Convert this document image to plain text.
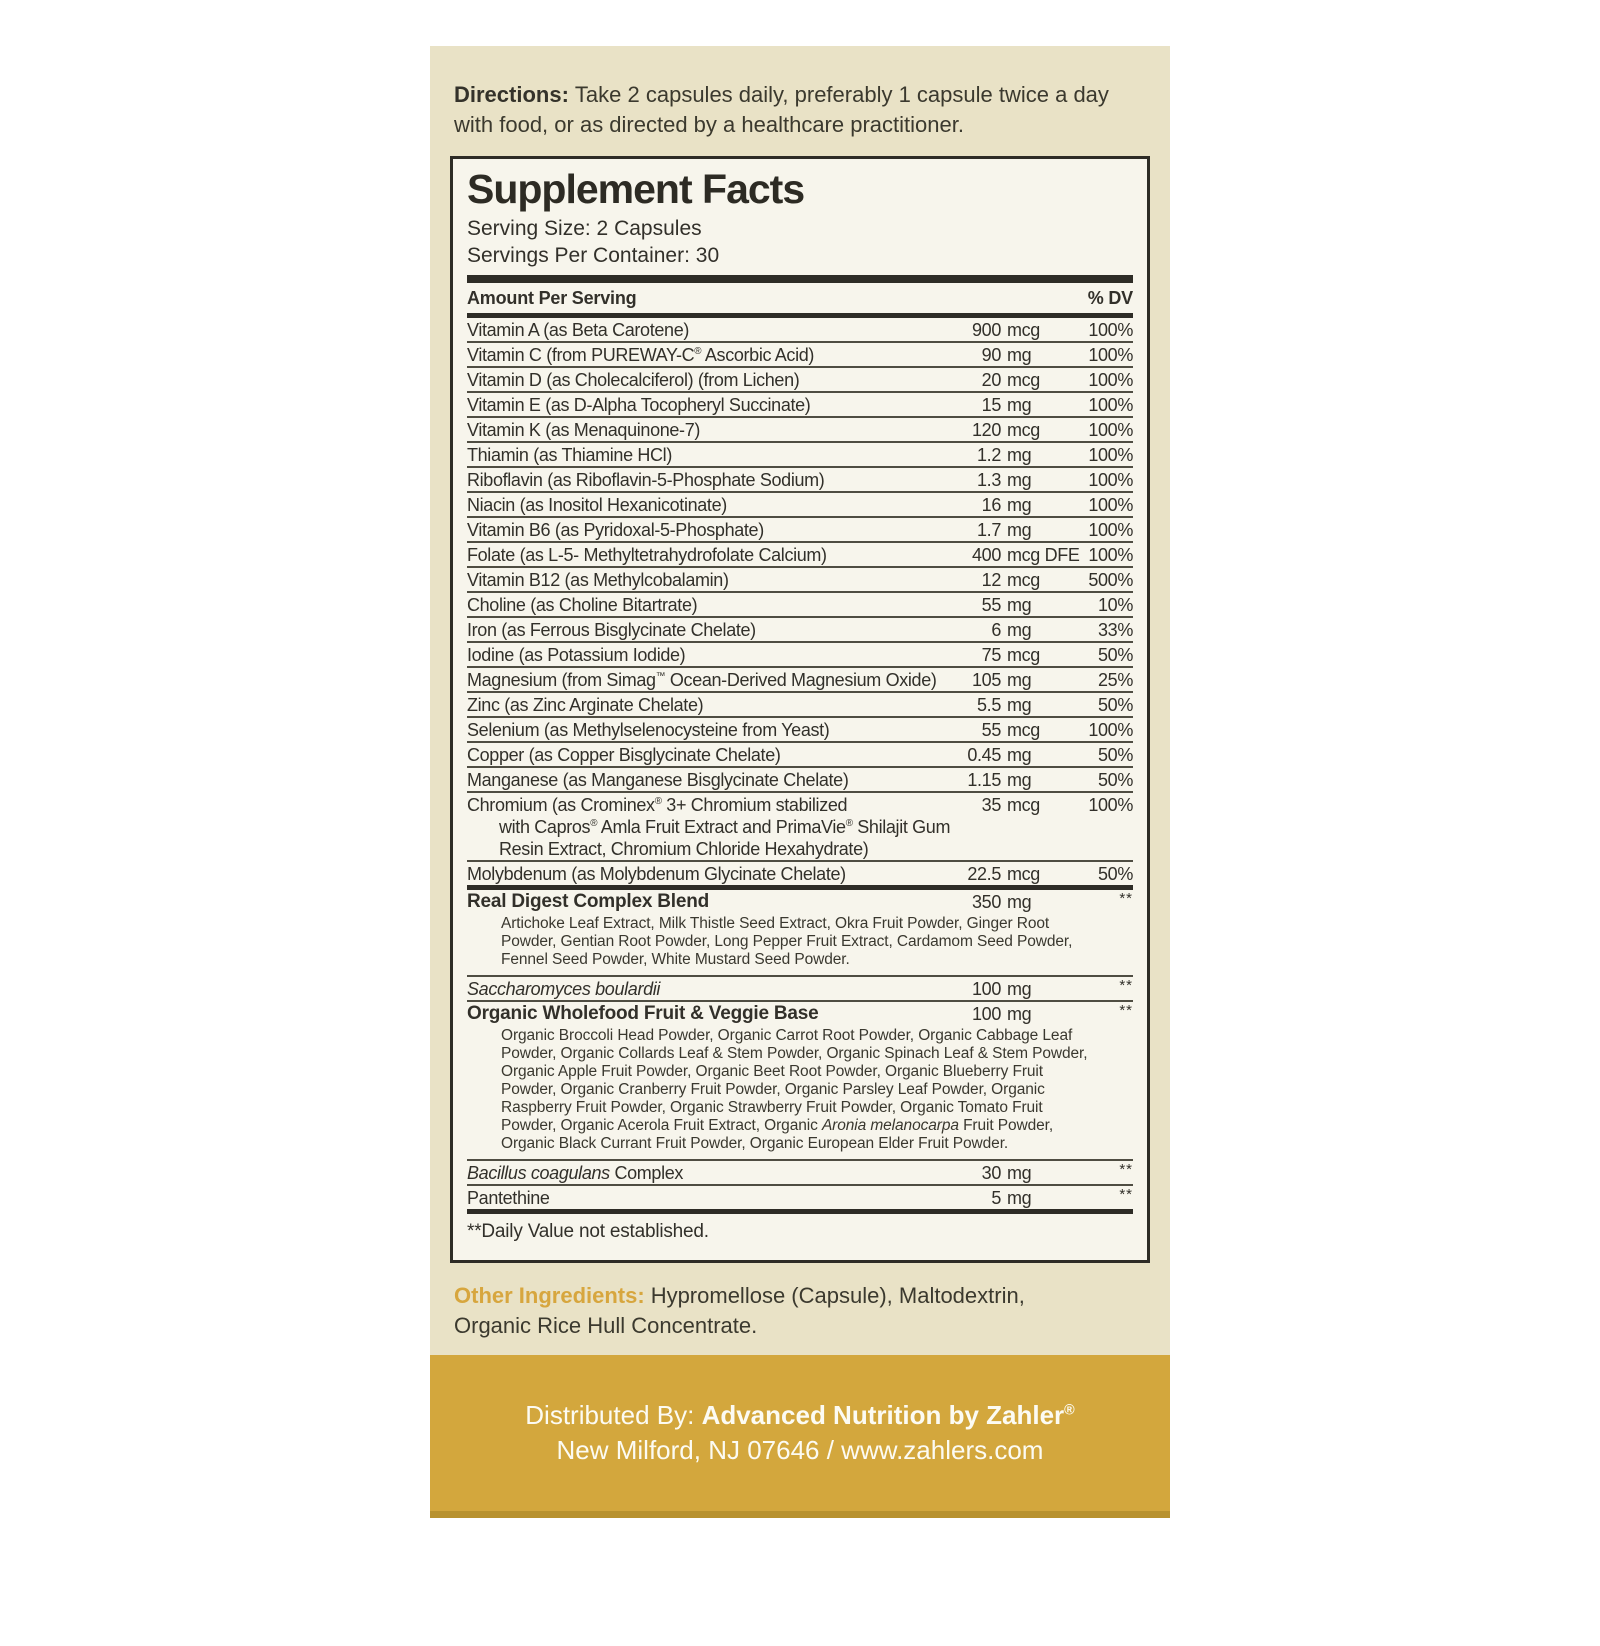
Directions: Take 2 capsules daily, preferably 1 capsule twice a day with food, or as directed by a healthcare practitioner.

Supplement Facts
Serving Size: 2 Capsules
Servings Per Container: 30
Amount Per Serving	% DV
Vitamin A (as Beta Carotene)	900 mcg	100%
Vitamin C (from PUREWAY-C® Ascorbic Acid)	90 mg	100%
Vitamin D (as Cholecalciferol) (from Lichen)	20 mcg	100%
Vitamin E (as D-Alpha Tocopheryl Succinate)	15 mg	100%
Vitamin K (as Menaquinone-7)	120 mcg	100%
Thiamin (as Thiamine HCl)	1.2 mg	100%
Riboflavin (as Riboflavin-5-Phosphate Sodium)	1.3 mg	100%
Niacin (as Inositol Hexanicotinate)	16 mg	100%
Vitamin B6 (as Pyridoxal-5-Phosphate)	1.7 mg	100%
Folate (as L-5- Methyltetrahydrofolate Calcium)	400 mcg DFE 100%
Vitamin B12 (as Methylcobalamin)	12 mcg	500%
Choline (as Choline Bitartrate)	55 mg	10%
Iron (as Ferrous Bisglycinate Chelate)	6 mg	33%
Iodine (as Potassium Iodide)	75 mcg	50%
Magnesium (from Simag™ Ocean-Derived Magnesium Oxide)	105 mg	25%
Zinc (as Zinc Arginate Chelate)	5.5 mg	50%
Selenium (as Methylselenocysteine from Yeast)	55 mcg	100%
Copper (as Copper Bisglycinate Chelate)	0.45 mg	50%
Manganese (as Manganese Bisglycinate Chelate)	1.15 mg	50%
Chromium (as Crominex® 3+ Chromium stabilized	35 mcg	100%
with Capros® Amla Fruit Extract and PrimaVie® Shilajit Gum
Resin Extract, Chromium Chloride Hexahydrate)
Molybdenum (as Molybdenum Glycinate Chelate)	22.5 mcg	50%
Real Digest Complex Blend	350 mg	**
Artichoke Leaf Extract, Milk Thistle Seed Extract, Okra Fruit Powder, Ginger Root Powder, Gentian Root Powder, Long Pepper Fruit Extract, Cardamom Seed Powder, Fennel Seed Powder, White Mustard Seed Powder.
Saccharomyces boulardii	100 mg	**
Organic Wholefood Fruit & Veggie Base	100 mg	**
Organic Broccoli Head Powder, Organic Carrot Root Powder, Organic Cabbage Leaf Powder, Organic Collards Leaf & Stem Powder, Organic Spinach Leaf & Stem Powder, Organic Apple Fruit Powder, Organic Beet Root Powder, Organic Blueberry Fruit Powder, Organic Cranberry Fruit Powder, Organic Parsley Leaf Powder, Organic Raspberry Fruit Powder, Organic Strawberry Fruit Powder, Organic Tomato Fruit Powder, Organic Acerola Fruit Extract, Organic Aronia melanocarpa Fruit Powder, Organic Black Currant Fruit Powder, Organic European Elder Fruit Powder.
Bacillus coagulans Complex	30 mg	**
Pantethine	5 mg	**
**Daily Value not established.

Other Ingredients: Hypromellose (Capsule), Maltodextrin, Organic Rice Hull Concentrate.

Distributed By: Advanced Nutrition by Zahler®
New Milford, NJ 07646 / www.zahlers.com
